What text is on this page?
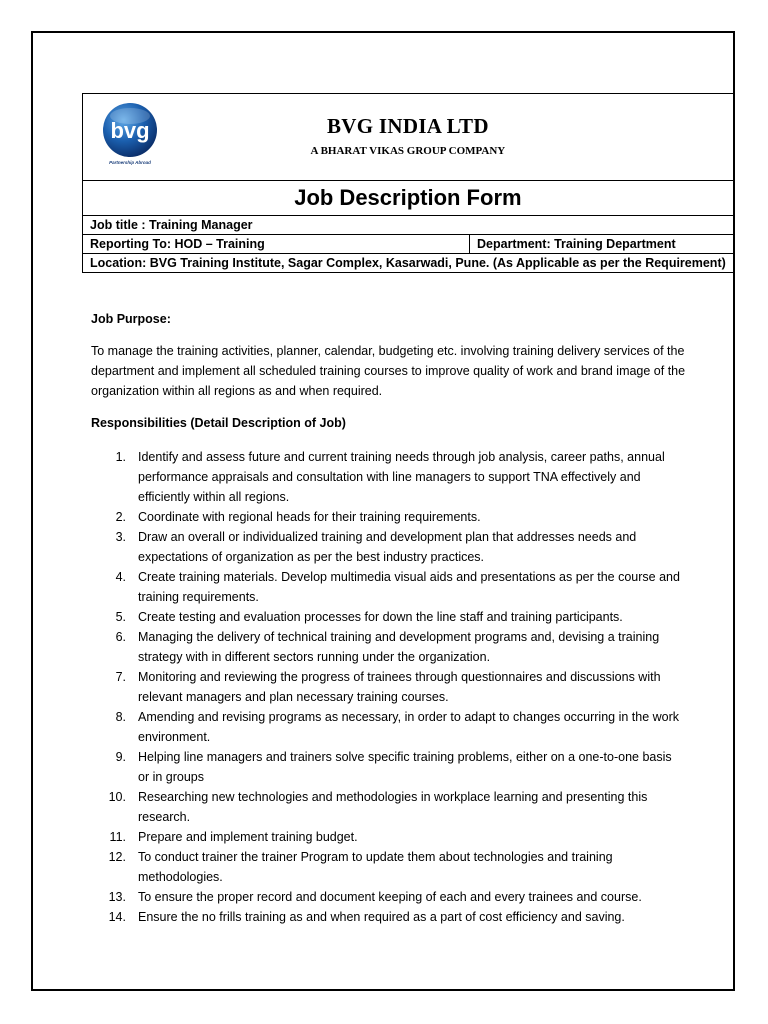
bvg
Partnership Abroad
BVG INDIA LTD
A BHARAT VIKAS GROUP COMPANY

Job Description Form
Job title : Training Manager
Reporting To: HOD – Training	Department: Training Department
Location: BVG Training Institute, Sagar Complex, Kasarwadi, Pune. (As Applicable as per the Requirement)
Job Purpose:
To manage the training activities, planner, calendar, budgeting etc. involving training delivery services of the department and implement all scheduled training courses to improve quality of work and brand image of the organization within all regions as and when required.
Responsibilities (Detail Description of Job)
1. Identify and assess future and current training needs through job analysis, career paths, annual performance appraisals and consultation with line managers to support TNA effectively and efficiently within all regions.
2. Coordinate with regional heads for their training requirements.
3. Draw an overall or individualized training and development plan that addresses needs and expectations of organization as per the best industry practices.
4. Create training materials. Develop multimedia visual aids and presentations as per the course and training requirements.
5. Create testing and evaluation processes for down the line staff and training participants.
6. Managing the delivery of technical training and development programs and, devising a training strategy with in different sectors running under the organization.
7. Monitoring and reviewing the progress of trainees through questionnaires and discussions with relevant managers and plan necessary training courses.
8. Amending and revising programs as necessary, in order to adapt to changes occurring in the work environment.
9. Helping line managers and trainers solve specific training problems, either on a one-to-one basis or in groups
10. Researching new technologies and methodologies in workplace learning and presenting this research.
11. Prepare and implement training budget.
12. To conduct trainer the trainer Program to update them about technologies and training methodologies.
13. To ensure the proper record and document keeping of each and every trainees and course.
14. Ensure the no frills training as and when required as a part of cost efficiency and saving.
